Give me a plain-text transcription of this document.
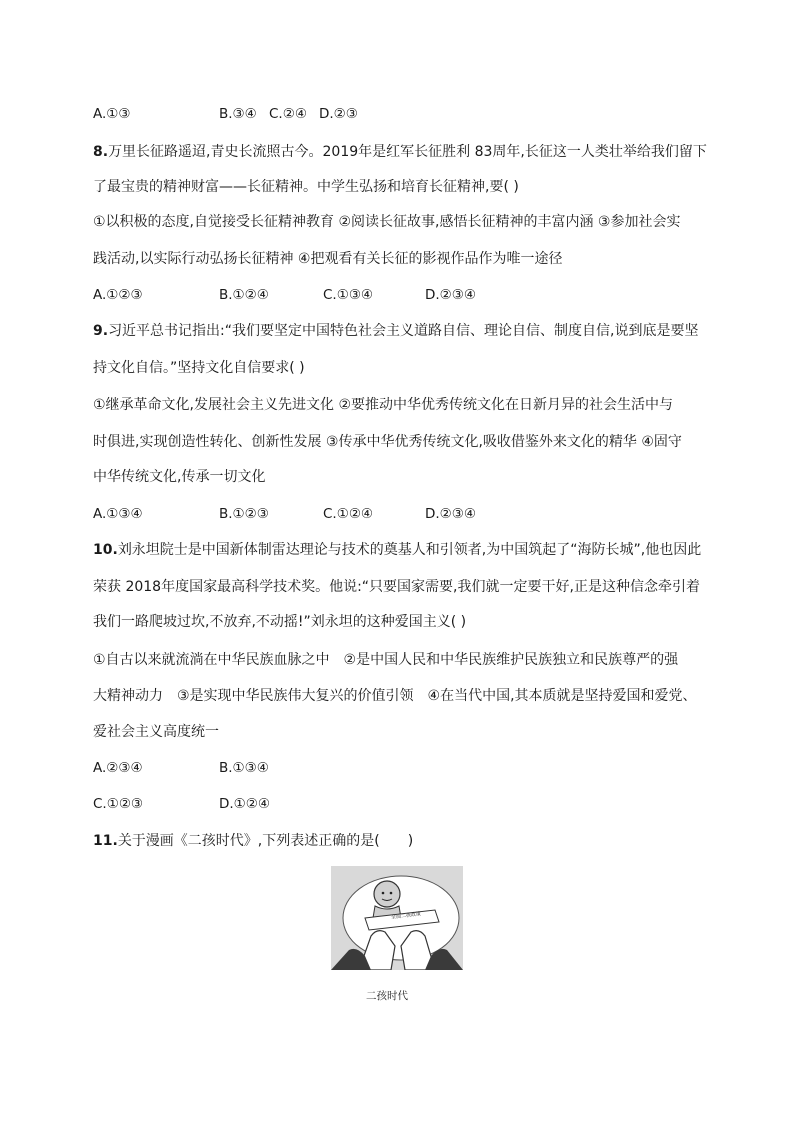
A.①③	B.③④ C.②④ D.②③
8.万里长征路遥迢,青史长流照古今。2019年是红军长征胜利 83周年,长征这一人类壮举给我们留下
了最宝贵的精神财富——长征精神。中学生弘扬和培育长征精神,要( )
①以积极的态度,自觉接受长征精神教育 ②阅读长征故事,感悟长征精神的丰富内涵 ③参加社会实
践活动,以实际行动弘扬长征精神 ④把观看有关长征的影视作品作为唯一途径
A.①②③	B.①②④	C.①③④	D.②③④
9.习近平总书记指出:“我们要坚定中国特色社会主义道路自信、理论自信、制度自信,说到底是要坚
持文化自信。”坚持文化自信要求( )
①继承革命文化,发展社会主义先进文化 ②要推动中华优秀传统文化在日新月异的社会生活中与
时俱进,实现创造性转化、创新性发展 ③传承中华优秀传统文化,吸收借鉴外来文化的精华 ④固守
中华传统文化,传承一切文化
A.①③④	B.①②③	C.①②④	D.②③④
10.刘永坦院士是中国新体制雷达理论与技术的奠基人和引领者,为中国筑起了“海防长城”,他也因此
荣获 2018年度国家最高科学技术奖。他说:“只要国家需要,我们就一定要干好,正是这种信念牵引着
我们一路爬坡过坎,不放弃,不动摇!”刘永坦的这种爱国主义( )
①自古以来就流淌在中华民族血脉之中　②是中国人民和中华民族维护民族独立和民族尊严的强
大精神动力　③是实现中华民族伟大复兴的价值引领　④在当代中国,其本质就是坚持爱国和爱党、
爱社会主义高度统一
A.②③④	B.①③④
C.①②③	D.①②④
11.关于漫画《二孩时代》,下列表述正确的是(　　)
全面二孩政策
二孩时代
